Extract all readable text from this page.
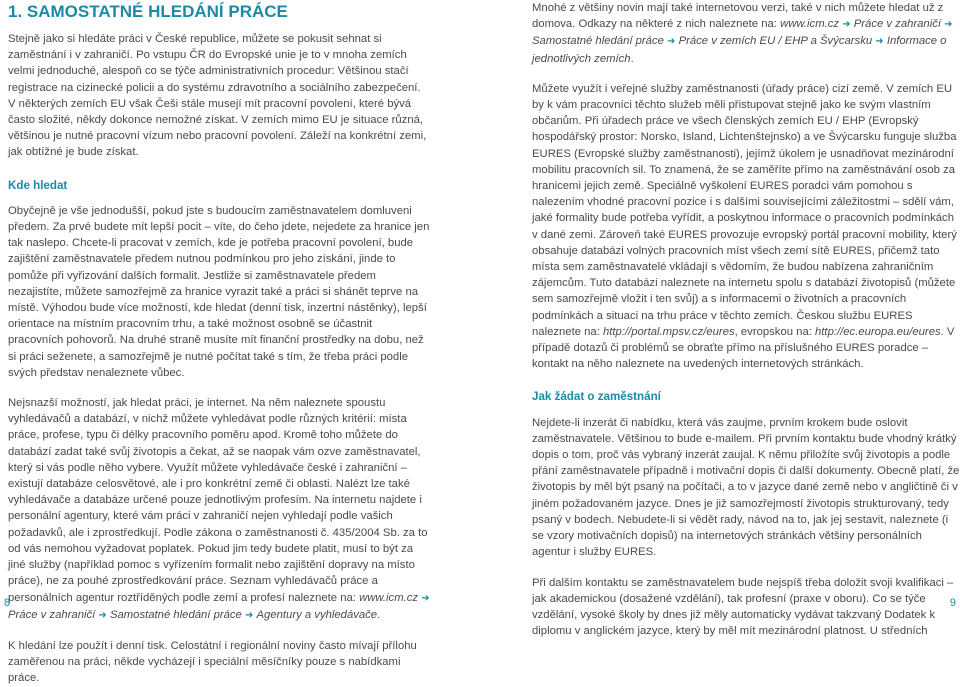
1. SAMOSTATNÉ HLEDÁNÍ PRÁCE

Stejně jako si hledáte práci v České republice, můžete se pokusit sehnat si zaměstnání i v zahraničí. Po vstupu ČR do Evropské unie je to v mnoha zemích velmi jednoduché, alespoň co se týče administrativních procedur: Většinou stačí registrace na cizinecké policii a do systému zdravotního a sociálního zabezpečení. V některých zemích EU však Češi stále musejí mít pracovní povolení, které bývá často složité, někdy dokonce nemožné získat. V zemích mimo EU je situace různá, většinou je nutné pracovní vízum nebo pracovní povolení. Záleží na konkrétní zemi, jak obtížné je bude získat.

Kde hledat

Obyčejně je vše jednodušší, pokud jste s budoucím zaměstnavatelem domluveni předem. Za prvé budete mít lepší pocit – víte, do čeho jdete, nejedete za hranice jen tak naslepo. Chcete-li pracovat v zemích, kde je potřeba pracovní povolení, bude zajištění zaměstnavatele předem nutnou podmínkou pro jeho získání, jinde to pomůže při vyřizování dalších formalit. Jestliže si zaměstnavatele předem nezajistíte, můžete samozřejmě za hranice vyrazit také a práci si shánět teprve na místě. Výhodou bude více možností, kde hledat (denní tisk, inzertní nástěnky), lepší orientace na místním pracovním trhu, a také možnost osobně se účastnit pracovních pohovorů. Na druhé straně musíte mít finanční prostředky na dobu, než si práci seženete, a samozřejmě je nutné počítat také s tím, že třeba práci podle svých představ nenaleznete vůbec.

Nejsnazší možností, jak hledat práci, je internet. Na něm naleznete spoustu vyhledávačů a databází, v nichž můžete vyhledávat podle různých kritérií: místa práce, profese, typu či délky pracovního poměru apod. Kromě toho můžete do databází zadat také svůj životopis a čekat, až se naopak vám ozve zaměstnavatel, který si vás podle něho vybere. Využít můžete vyhledávače české i zahraniční – existují databáze celosvětové, ale i pro konkrétní země či oblasti. Nalézt lze také vyhledávače a databáze určené pouze jednotlivým profesím. Na internetu najdete i personální agentury, které vám práci v zahraničí nejen vyhledají podle vašich požadavků, ale i zprostředkují. Podle zákona o zaměstnanosti č. 435/2004 Sb. za to od vás nemohou vyžadovat poplatek. Pokud jim tedy budete platit, musí to být za jiné služby (například pomoc s vyřízením formalit nebo zajištění dopravy na místo práce), ne za pouhé zprostředkování práce. Seznam vyhledávačů práce a personálních agentur roztříděných podle zemí a profesí naleznete na: www.icm.cz ➜ Práce v zahraničí ➜ Samostatné hledání práce ➜ Agentury a vyhledávače.

K hledání lze použít i denní tisk. Celostátní i regionální noviny často mívají přílohu zaměřenou na práci, někde vycházejí i speciální měsíčníky pouze s nabídkami práce.

Mnohé z většiny novin mají také internetovou verzi, také v nich můžete hledat už z domova. Odkazy na některé z nich naleznete na: www.icm.cz ➜ Práce v zahraničí ➜ Samostatné hledání práce ➜ Práce v zemích EU / EHP a Švýcarsku ➜ Informace o jednotlivých zemích.

Můžete využít i veřejné služby zaměstnanosti (úřady práce) cizí země. V zemích EU by k vám pracovníci těchto služeb měli přistupovat stejně jako ke svým vlastním občanům. Při úřadech práce ve všech členských zemích EU / EHP (Evropský hospodářský prostor: Norsko, Island, Lichtenštejnsko) a ve Švýcarsku funguje služba EURES (Evropské služby zaměstnanosti), jejímž úkolem je usnadňovat mezinárodní mobilitu pracovních sil. To znamená, že se zaměříte přímo na zaměstnávání osob za hranicemi jejich země. Speciálně vyškolení EURES poradci vám pomohou s nalezením vhodné pracovní pozice i s dalšími souvisejícími záležitostmi – sdělí vám, jaké formality bude potřeba vyřídit, a poskytnou informace o pracovních podmínkách v dané zemi. Zároveň také EURES provozuje evropský portál pracovní mobility, který obsahuje databázi volných pracovních míst všech zemí sítě EURES, přičemž tato místa sem zaměstnavatelé vkládají s vědomím, že budou nabízena zahraničním zájemcům. Tuto databázi naleznete na internetu spolu s databází životopisů (můžete sem samozřejmě vložit i ten svůj) a s informacemi o životních a pracovních podmínkách a situaci na trhu práce v těchto zemích. Českou službu EURES naleznete na: http://portal.mpsv.cz/eures, evropskou na: http://ec.europa.eu/eures. V případě dotazů či problémů se obraťte přímo na příslušného EURES poradce – kontakt na něho naleznete na uvedených internetových stránkách.

Jak žádat o zaměstnání

Nejdete-li inzerát či nabídku, která vás zaujme, prvním krokem bude oslovit zaměstnavatele. Většinou to bude e-mailem. Při prvním kontaktu bude vhodný krátký dopis o tom, proč vás vybraný inzerát zaujal. K němu přiložíte svůj životopis a podle přání zaměstnavatele případně i motivační dopis či další dokumenty. Obecně platí, že životopis by měl být psaný na počítači, a to v jazyce dané země nebo v angličtině či v jiném požadovaném jazyce. Dnes je již samozřejmostí životopis strukturovaný, tedy psaný v bodech. Nebudete-li si vědět rady, návod na to, jak jej sestavit, naleznete (i se vzory motivačních dopisů) na internetových stránkách většiny personálních agentur i služby EURES.

Při dalším kontaktu se zaměstnavatelem bude nejspíš třeba doložit svoji kvalifikaci – jak akademickou (dosažené vzdělání), tak profesní (praxe v oboru). Co se týče vzdělání, vysoké školy by dnes již měly automaticky vydávat takzvaný Dodatek k diplomu v anglickém jazyce, který by měl mít mezinárodní platnost. U středních

8	9
